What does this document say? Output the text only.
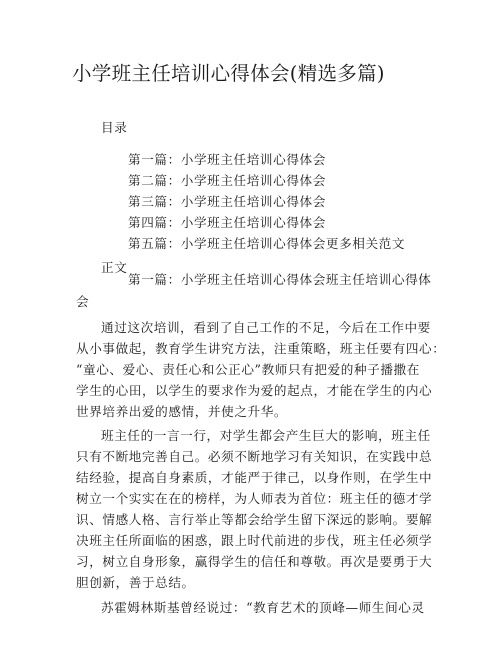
小学班主任培训心得体会(精选多篇)

目录

第一篇：小学班主任培训心得体会

第二篇：小学班主任培训心得体会

第三篇：小学班主任培训心得体会

第四篇：小学班主任培训心得体会

第五篇：小学班主任培训心得体会更多相关范文

正文

第一篇：小学班主任培训心得体会班主任培训心得体

会

通过这次培训，看到了自己工作的不足，今后在工作中要

从小事做起，教育学生讲究方法，注重策略，班主任要有四心：

“童心、爱心、责任心和公正心”教师只有把爱的种子播撒在

学生的心田，以学生的要求作为爱的起点，才能在学生的内心

世界培养出爱的感情，并使之升华。

班主任的一言一行，对学生都会产生巨大的影响，班主任

只有不断地完善自己。必须不断地学习有关知识，在实践中总

结经验，提高自身素质，才能严于律己，以身作则，在学生中

树立一个实实在在的榜样，为人师表为首位：班主任的德才学

识、情感人格、言行举止等都会给学生留下深远的影响。要解

决班主任所面临的困惑，跟上时代前进的步伐，班主任必须学

习，树立自身形象，赢得学生的信任和尊敬。再次是要勇于大

胆创新，善于总结。

苏霍姆林斯基曾经说过：“教育艺术的顶峰—师生间心灵
